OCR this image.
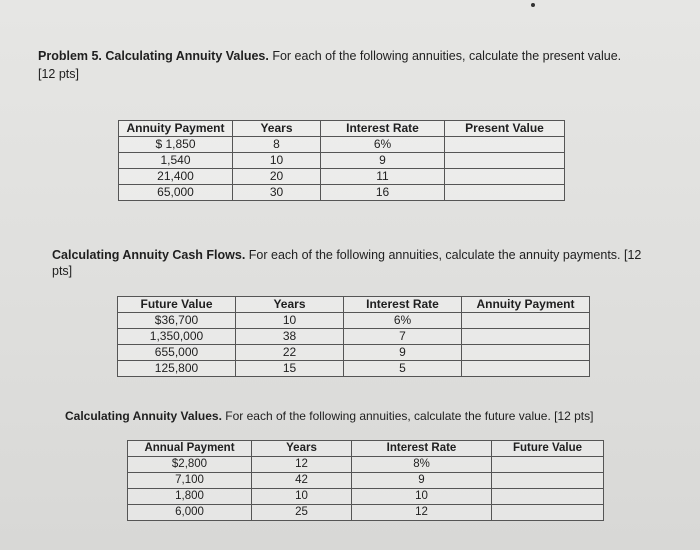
Problem 5. Calculating Annuity Values. For each of the following annuities, calculate the present value.
[12 pts]
Annuity Payment	Years	Interest Rate	Present Value
$ 1,850	8	6%	
1,540	10	9	
21,400	20	11	
65,000	30	16	
Calculating Annuity Cash Flows. For each of the following annuities, calculate the annuity payments. [12
pts]
Future Value	Years	Interest Rate	Annuity Payment
$36,700	10	6%	
1,350,000	38	7	
655,000	22	9	
125,800	15	5	
Calculating Annuity Values. For each of the following annuities, calculate the future value. [12 pts]
Annual Payment	Years	Interest Rate	Future Value
$2,800	12	8%	
7,100	42	9	
1,800	10	10	
6,000	25	12	
